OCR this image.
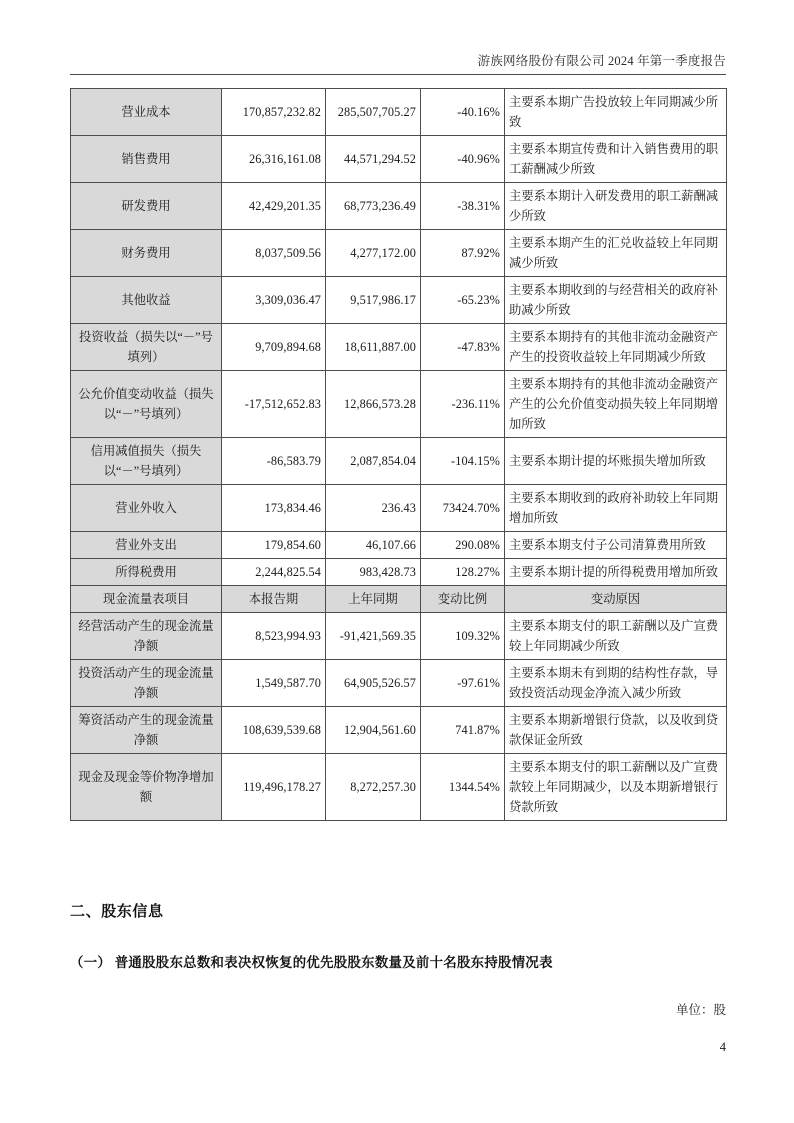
游族网络股份有限公司 2024 年第一季度报告
营业成本	170,857,232.82	285,507,705.27	-40.16%	主要系本期广告投放较上年同期减少所致
销售费用	26,316,161.08	44,571,294.52	-40.96%	主要系本期宣传费和计入销售费用的职工薪酬减少所致
研发费用	42,429,201.35	68,773,236.49	-38.31%	主要系本期计入研发费用的职工薪酬减少所致
财务费用	8,037,509.56	4,277,172.00	87.92%	主要系本期产生的汇兑收益较上年同期减少所致
其他收益	3,309,036.47	9,517,986.17	-65.23%	主要系本期收到的与经营相关的政府补助减少所致
投资收益（损失以“－”号填列）	9,709,894.68	18,611,887.00	-47.83%	主要系本期持有的其他非流动金融资产产生的投资收益较上年同期减少所致
公允价值变动收益（损失以“－”号填列）	-17,512,652.83	12,866,573.28	-236.11%	主要系本期持有的其他非流动金融资产产生的公允价值变动损失较上年同期增加所致
信用减值损失（损失以“－”号填列）	-86,583.79	2,087,854.04	-104.15%	主要系本期计提的坏账损失增加所致
营业外收入	173,834.46	236.43	73424.70%	主要系本期收到的政府补助较上年同期增加所致
营业外支出	179,854.60	46,107.66	290.08%	主要系本期支付子公司清算费用所致
所得税费用	2,244,825.54	983,428.73	128.27%	主要系本期计提的所得税费用增加所致
现金流量表项目	本报告期	上年同期	变动比例	变动原因
经营活动产生的现金流量净额	8,523,994.93	-91,421,569.35	109.32%	主要系本期支付的职工薪酬以及广宣费较上年同期减少所致
投资活动产生的现金流量净额	1,549,587.70	64,905,526.57	-97.61%	主要系本期未有到期的结构性存款，导致投资活动现金净流入减少所致
筹资活动产生的现金流量净额	108,639,539.68	12,904,561.60	741.87%	主要系本期新增银行贷款，以及收到贷款保证金所致
现金及现金等价物净增加额	119,496,178.27	8,272,257.30	1344.54%	主要系本期支付的职工薪酬以及广宣费款较上年同期减少，以及本期新增银行贷款所致
二、股东信息
（一） 普通股股东总数和表决权恢复的优先股股东数量及前十名股东持股情况表
单位：股
4
